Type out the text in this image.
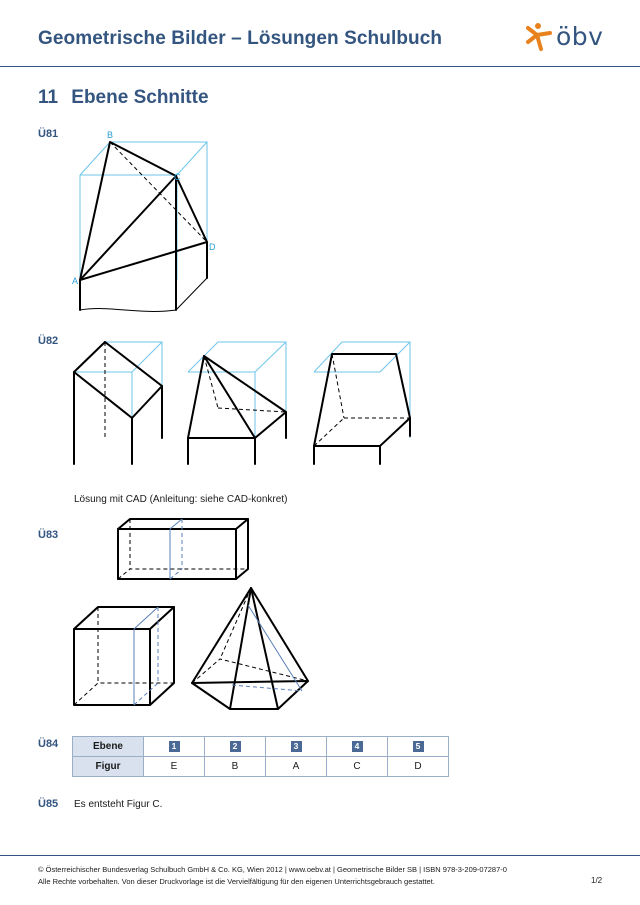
Geometrische Bilder – Lösungen Schulbuch	öbv
11 Ebene Schnitte
Ü81
A
B
C
D
Ü82
Lösung mit CAD (Anleitung: siehe CAD-konkret)
Ü83
Ü84	Ebene	1	2	3	4	5
Figur	E	B	A	C	D
Ü85 Es entsteht Figur C.
© Österreichischer Bundesverlag Schulbuch GmbH & Co. KG, Wien 2012 | www.oebv.at | Geometrische Bilder SB | ISBN 978-3-209-07287-0
Alle Rechte vorbehalten. Von dieser Druckvorlage ist die Vervielfältigung für den eigenen Unterrichtsgebrauch gestattet.	1/2
